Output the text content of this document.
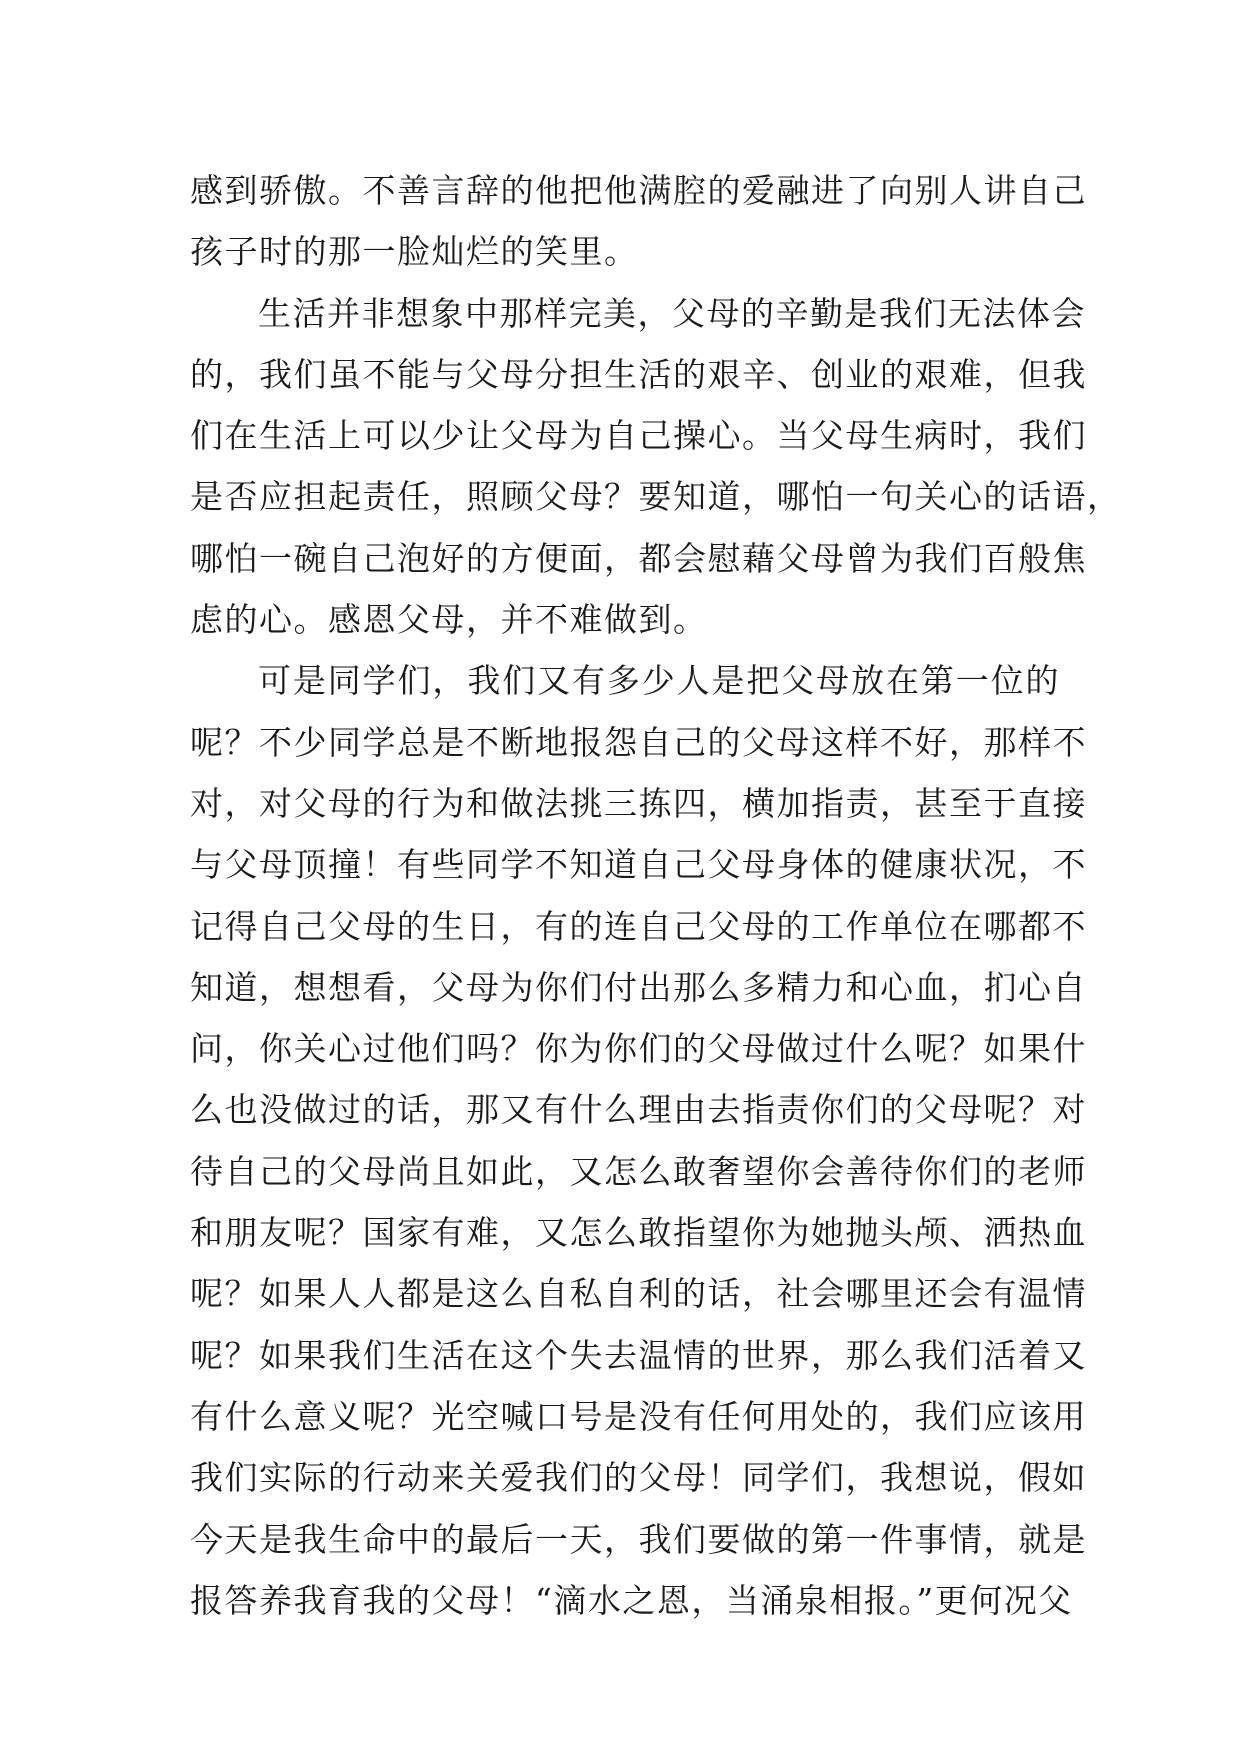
感到骄傲。不善言辞的他把他满腔的爱融进了向别人讲自己
孩子时的那一脸灿烂的笑里。
生活并非想象中那样完美，父母的辛勤是我们无法体会
的，我们虽不能与父母分担生活的艰辛、创业的艰难，但我
们在生活上可以少让父母为自己操心。当父母生病时，我们
是否应担起责任，照顾父母？要知道，哪怕一句关心的话语，
哪怕一碗自己泡好的方便面，都会慰藉父母曾为我们百般焦
虑的心。感恩父母，并不难做到。
可是同学们，我们又有多少人是把父母放在第一位的
呢？不少同学总是不断地报怨自己的父母这样不好，那样不
对，对父母的行为和做法挑三拣四，横加指责，甚至于直接
与父母顶撞！有些同学不知道自己父母身体的健康状况，不
记得自己父母的生日，有的连自己父母的工作单位在哪都不
知道，想想看，父母为你们付出那么多精力和心血，扪心自
问，你关心过他们吗？你为你们的父母做过什么呢？如果什
么也没做过的话，那又有什么理由去指责你们的父母呢？对
待自己的父母尚且如此，又怎么敢奢望你会善待你们的老师
和朋友呢？国家有难，又怎么敢指望你为她抛头颅、洒热血
呢？如果人人都是这么自私自利的话，社会哪里还会有温情
呢？如果我们生活在这个失去温情的世界，那么我们活着又
有什么意义呢？光空喊口号是没有任何用处的，我们应该用
我们实际的行动来关爱我们的父母！同学们，我想说，假如
今天是我生命中的最后一天，我们要做的第一件事情，就是
报答养我育我的父母！“滴水之恩，当涌泉相报。”更何况父
